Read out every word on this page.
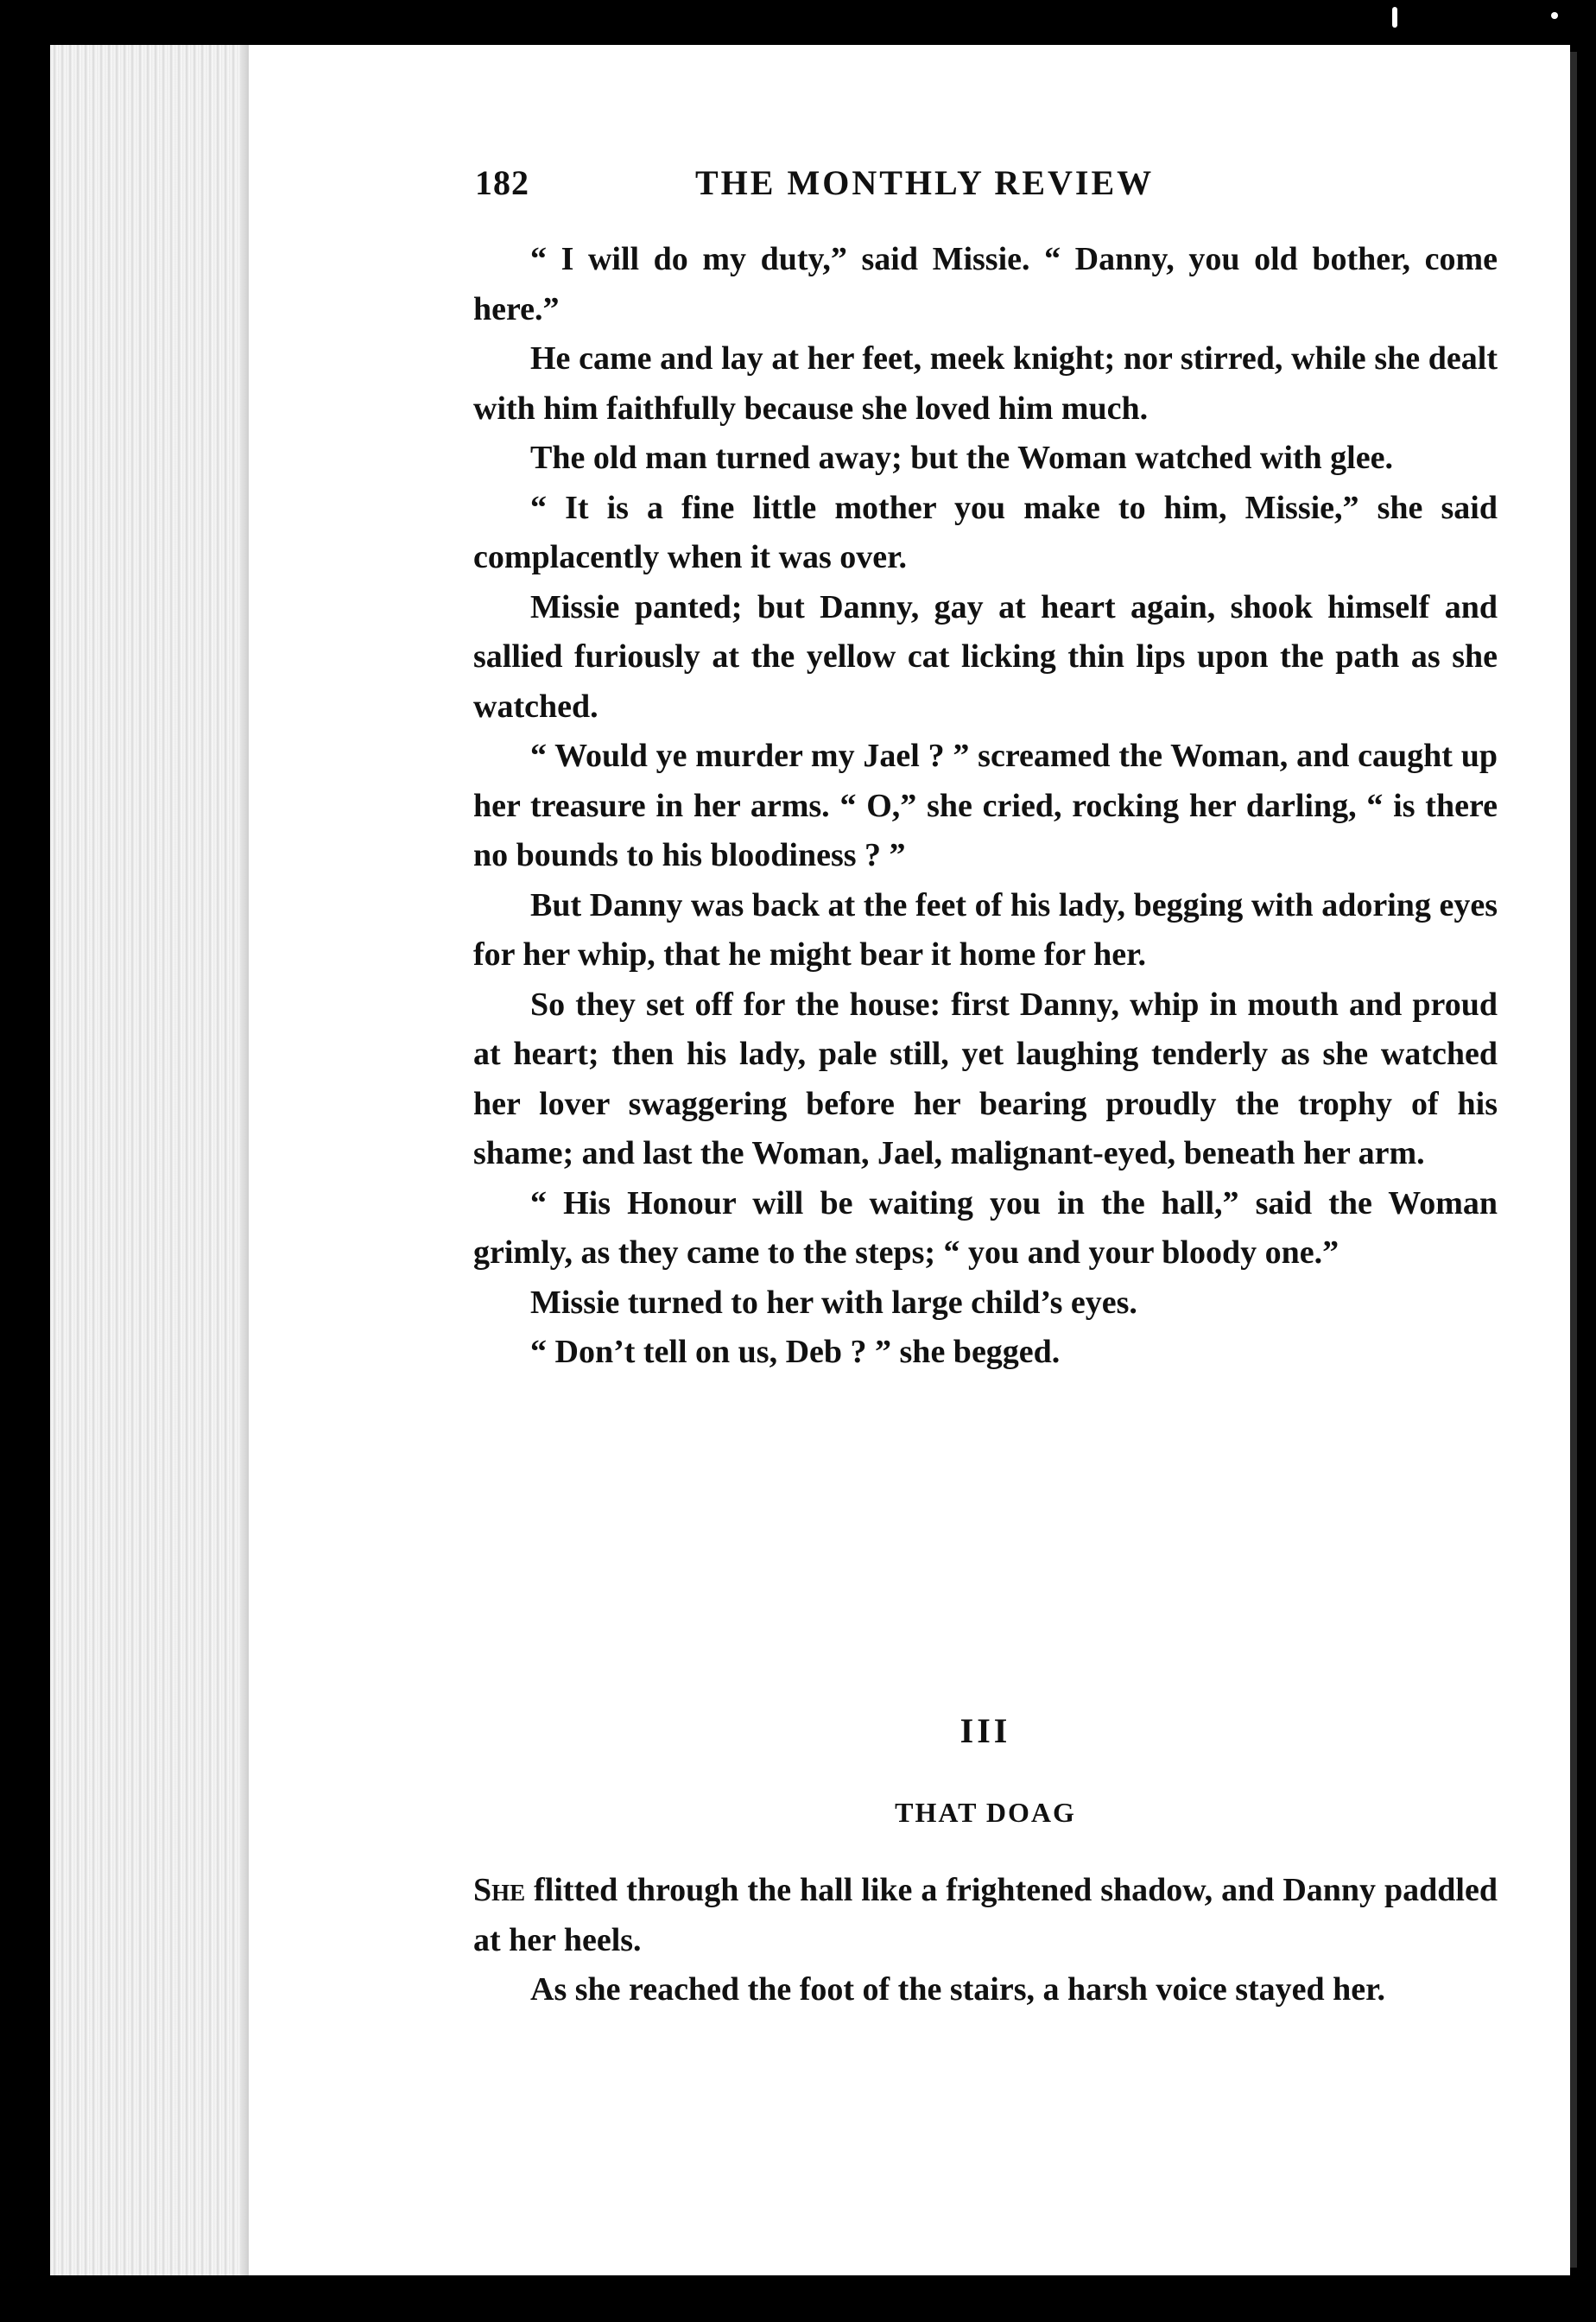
182	THE MONTHLY REVIEW

“ I will do my duty,” said Missie. “ Danny, you old bother, come here.”

He came and lay at her feet, meek knight; nor stirred, while she dealt with him faithfully because she loved him much.

The old man turned away; but the Woman watched with glee.

“ It is a fine little mother you make to him, Missie,” she said complacently when it was over.

Missie panted; but Danny, gay at heart again, shook himself and sallied furiously at the yellow cat licking thin lips upon the path as she watched.

“ Would ye murder my Jael ? ” screamed the Woman, and caught up her treasure in her arms. “ O,” she cried, rocking her darling, “ is there no bounds to his bloodiness ? ”

But Danny was back at the feet of his lady, begging with adoring eyes for her whip, that he might bear it home for her.

So they set off for the house: first Danny, whip in mouth and proud at heart; then his lady, pale still, yet laughing tenderly as she watched her lover swaggering before her bearing proudly the trophy of his shame; and last the Woman, Jael, malignant-eyed, beneath her arm.

“ His Honour will be waiting you in the hall,” said the Woman grimly, as they came to the steps; “ you and your bloody one.”

Missie turned to her with large child’s eyes.

“ Don’t tell on us, Deb ? ” she begged.

III
THAT DOAG

She flitted through the hall like a frightened shadow, and Danny paddled at her heels.

As she reached the foot of the stairs, a harsh voice stayed her.
